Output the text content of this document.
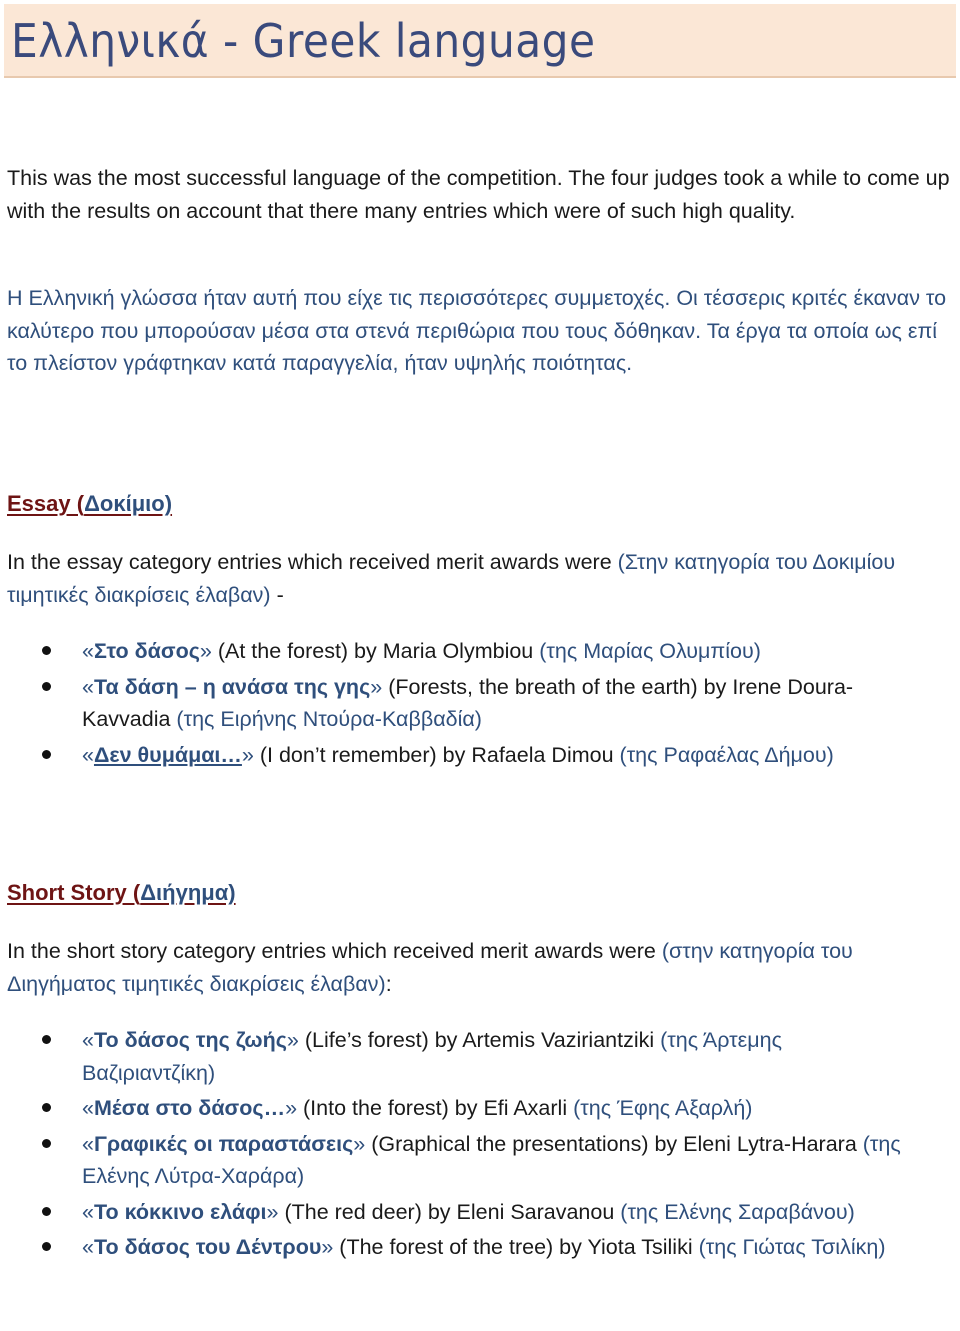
Ελληνικά - Greek language

This was the most successful language of the competition. The four judges took a while to come up with the results on account that there many entries which were of such high quality.

Η Ελληνική γλώσσα ήταν αυτή που είχε τις περισσότερες συμμετοχές. Οι τέσσερις κριτές έκαναν το καλύτερο που μπορούσαν μέσα στα στενά περιθώρια που τους δόθηκαν. Τα έργα τα οποία ως επί το πλείστον γράφτηκαν κατά παραγγελία, ήταν υψηλής ποιότητας.

Essay (Δοκίμιο)

In the essay category entries which received merit awards were (Στην κατηγορία του Δοκιμίου τιμητικές διακρίσεις έλαβαν) -

«Στο δάσος» (At the forest) by Maria Olymbiou (της Μαρίας Ολυμπίου)
«Τα δάση – η ανάσα της γης» (Forests, the breath of the earth) by Irene Doura-Kavvadia (της Ειρήνης Ντούρα-Καββαδία)
«Δεν θυμάμαι…» (I don’t remember) by Rafaela Dimou (της Ραφαέλας Δήμου)
Short Story (Διήγημα)

In the short story category entries which received merit awards were (στην κατηγορία του Διηγήματος τιμητικές διακρίσεις έλαβαν):

«Το δάσος της ζωής» (Life’s forest) by Artemis Vaziriantziki (της Άρτεμης Βαζιριαντζίκη)
«Μέσα στο δάσος…» (Into the forest) by Efi Axarli (της Έφης Αξαρλή)
«Γραφικές οι παραστάσεις» (Graphical the presentations) by Eleni Lytra-Harara (της Ελένης Λύτρα-Χαράρα)
«Το κόκκινο ελάφι» (The red deer) by Eleni Saravanou (της Ελένης Σαραβάνου)
«Το δάσος του Δέντρου» (The forest of the tree) by Yiota Tsiliki (της Γιώτας Τσιλίκη)
